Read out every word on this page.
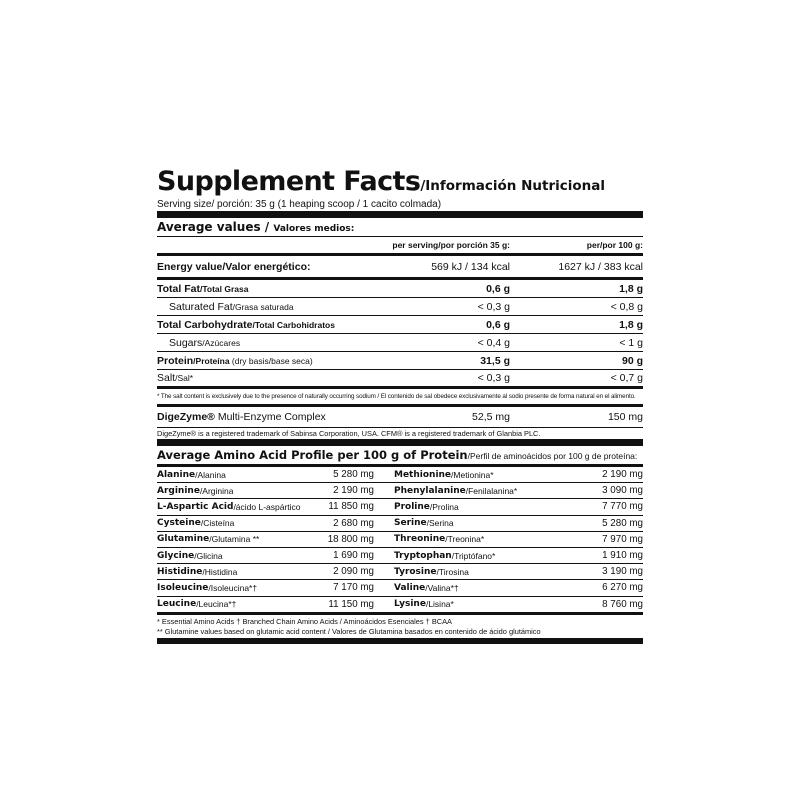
Supplement Facts/Información Nutricional
Serving size/ porción: 35 g (1 heaping scoop / 1 cacito colmada)
Average values / Valores medios:
per serving/por porción 35 g:	per/por 100 g:
Energy value/Valor energético:	569 kJ / 134 kcal	1627 kJ / 383 kcal
Total Fat/Total Grasa	0,6 g	1,8 g
Saturated Fat/Grasa saturada	< 0,3 g	< 0,8 g
Total Carbohydrate/Total Carbohidratos	0,6 g	1,8 g
Sugars/Azúcares	< 0,4 g	< 1 g
Protein/Proteína (dry basis/base seca)	31,5 g	90 g
Salt/Sal*	< 0,3 g	< 0,7 g
* The salt content is exclusively due to the presence of naturally occurring sodium / El contenido de sal obedece exclusivamente al sodio presente de forma natural en el alimento.
DigeZyme® Multi-Enzyme Complex	52,5 mg	150 mg
DigeZyme® is a registered trademark of Sabinsa Corporation, USA. CFM® is a registered trademark of Glanbia PLC.
Average Amino Acid Profile per 100 g of Protein/Perfil de aminoácidos por 100 g de proteína:
Alanine /Alanina	5 280 mg	Methionine /Metionina*	2 190 mg
Arginine /Arginina	2 190 mg	Phenylalanine /Fenilalanina*	3 090 mg
L-Aspartic Acid /ácido L-aspártico	11 850 mg	Proline /Prolina	7 770 mg
Cysteine /Cisteína	2 680 mg	Serine /Serina	5 280 mg
Glutamine /Glutamina **	18 800 mg	Threonine /Treonina*	7 970 mg
Glycine /Glicina	1 690 mg	Tryptophan /Triptófano*	1 910 mg
Histidine /Histidina	2 090 mg	Tyrosine /Tirosina	3 190 mg
Isoleucine /Isoleucina*†	7 170 mg	Valine /Valina*†	6 270 mg
Leucine /Leucina*†	11 150 mg	Lysine /Lisina*	8 760 mg
* Essential Amino Acids † Branched Chain Amino Acids / Aminoácidos Esenciales † BCAA
** Glutamine values based on glutamic acid content / Valores de Glutamina basados en contenido de ácido glutámico
